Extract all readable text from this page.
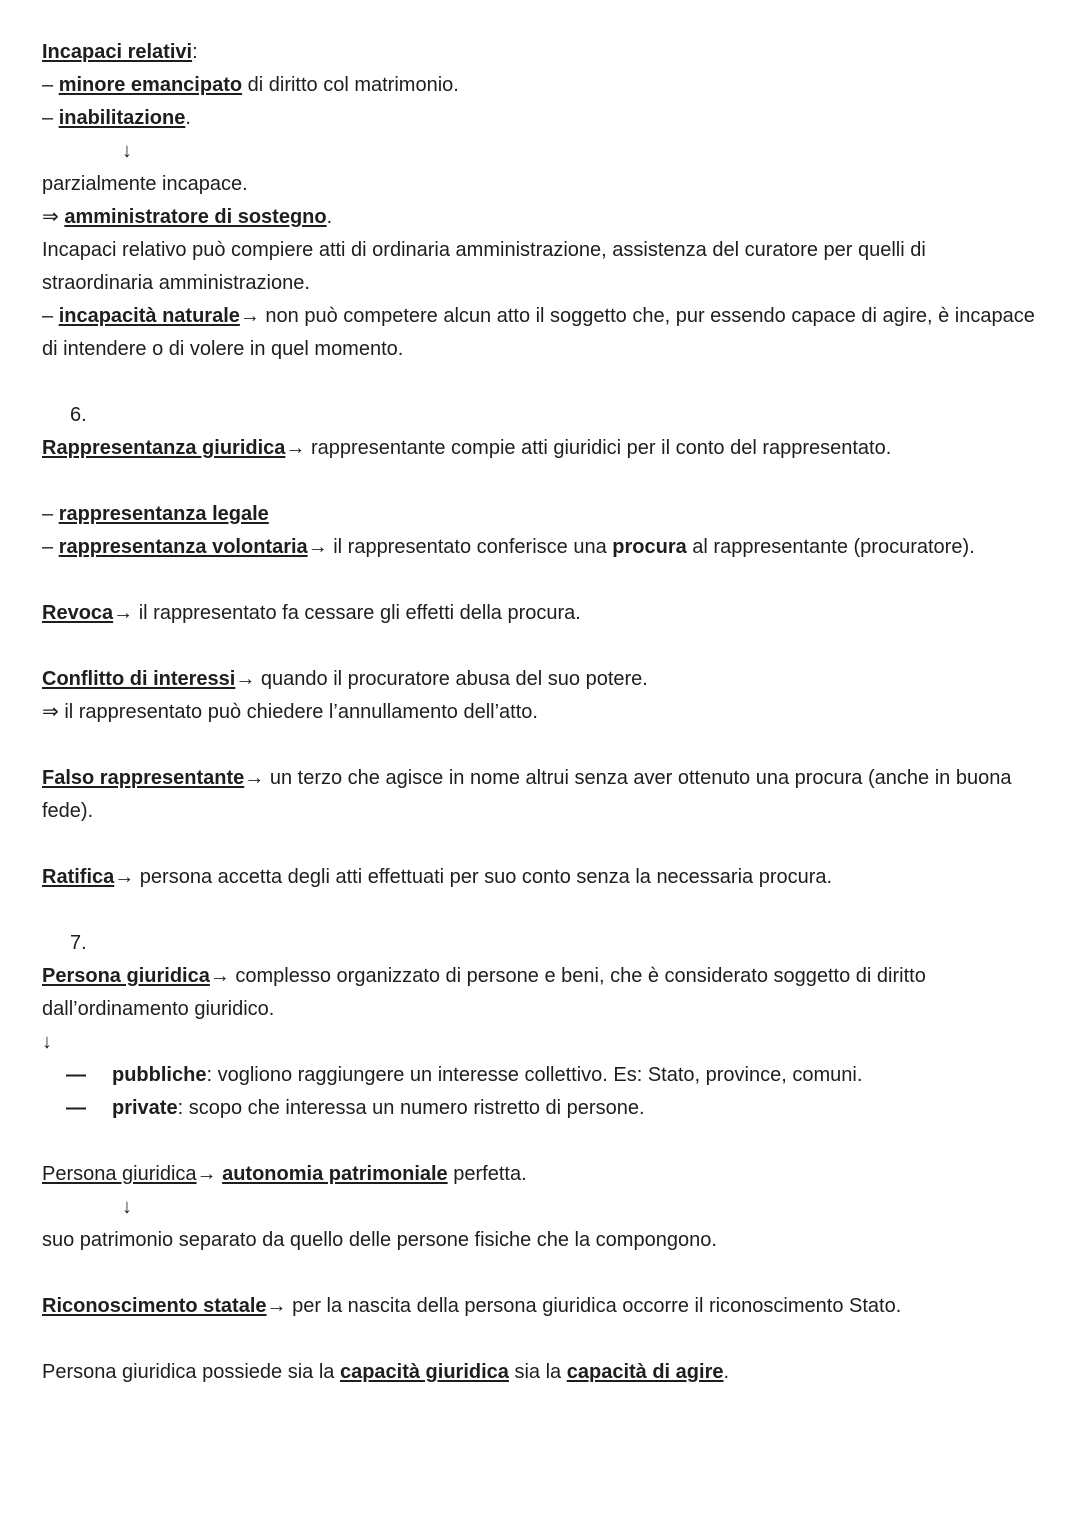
Incapaci relativi:

– minore emancipato di diritto col matrimonio.

– inabilitazione.

↓

parzialmente incapace.

⇒ amministratore di sostegno.

Incapaci relativo può compiere atti di ordinaria amministrazione, assistenza del curatore per quelli di straordinaria amministrazione.

– incapacità naturale→ non può competere alcun atto il soggetto che, pur essendo capace di agire, è incapace di intendere o di volere in quel momento.

6.

Rappresentanza giuridica→ rappresentante compie atti giuridici per il conto del rappresentato.

– rappresentanza legale

– rappresentanza volontaria→ il rappresentato conferisce una procura al rappresentante (procuratore).

Revoca→ il rappresentato fa cessare gli effetti della procura.

Conflitto di interessi→ quando il procuratore abusa del suo potere.

⇒ il rappresentato può chiedere l’annullamento dell’atto.

Falso rappresentante→ un terzo che agisce in nome altrui senza aver ottenuto una procura (anche in buona fede).

Ratifica→ persona accetta degli atti effettuati per suo conto senza la necessaria procura.

7.

Persona giuridica→ complesso organizzato di persone e beni, che è considerato soggetto di diritto dall’ordinamento giuridico.

↓

—	pubbliche: vogliono raggiungere un interesse collettivo. Es: Stato, province, comuni.
—	private: scopo che interessa un numero ristretto di persone.

Persona giuridica→ autonomia patrimoniale perfetta.

↓

suo patrimonio separato da quello delle persone fisiche che la compongono.

Riconoscimento statale→ per la nascita della persona giuridica occorre il riconoscimento Stato.

Persona giuridica possiede sia la capacità giuridica sia la capacità di agire.
